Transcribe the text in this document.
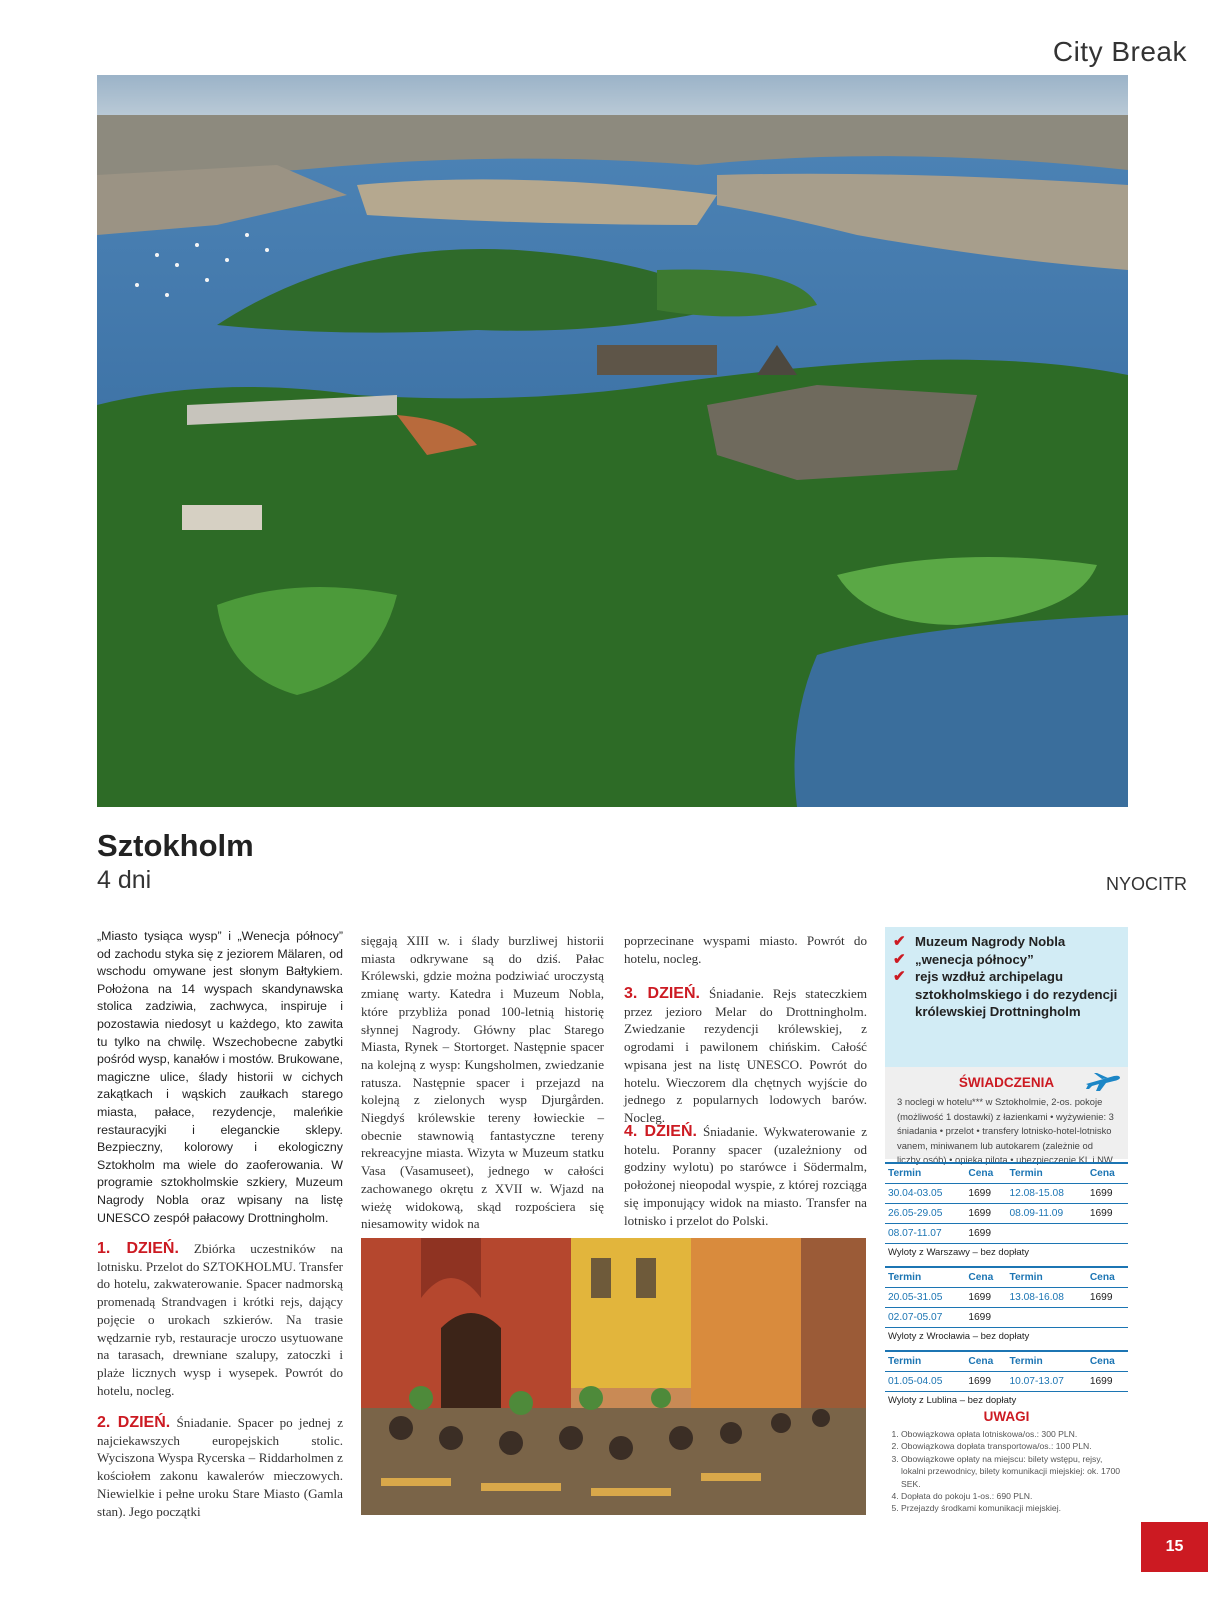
City Break
Sztokholm
4 dni	NYOCITR
„Miasto tysiąca wysp” i „Wenecja północy” od zachodu styka się z jeziorem Mälaren, od wschodu omywane jest słonym Bałtykiem. Położona na 14 wyspach skandynawska stolica zadziwia, zachwyca, inspiruje i pozostawia niedosyt u każdego, kto zawita tu tylko na chwilę. Wszechobecne zabytki pośród wysp, kanałów i mostów. Brukowane, magiczne ulice, ślady historii w cichych zakątkach i wąskich zaułkach starego miasta, pałace, rezydencje, maleńkie restauracyjki i eleganckie sklepy. Bezpieczny, kolorowy i ekologiczny Sztokholm ma wiele do zaoferowania. W programie sztokholmskie szkiery, Muzeum Nagrody Nobla oraz wpisany na listę UNESCO zespół pałacowy Drottningholm.
1. DZIEŃ. Zbiórka uczestników na lotnisku. Przelot do SZTOKHOLMU. Transfer do hotelu, zakwaterowanie. Spacer nadmorską promenadą Strandvagen i krótki rejs, dający pojęcie o urokach szkierów. Na trasie wędzarnie ryb, restauracje uroczo usytuowane na tarasach, drewniane szalupy, zatoczki i plaże licznych wysp i wysepek. Powrót do hotelu, nocleg.
2. DZIEŃ. Śniadanie. Spacer po jednej z najciekawszych europejskich stolic. Wyciszona Wyspa Rycerska – Riddarholmen z kościołem zakonu kawalerów mieczowych. Niewielkie i pełne uroku Stare Miasto (Gamla stan). Jego początki
sięgają XIII w. i ślady burzliwej historii miasta odkrywane są do dziś. Pałac Królewski, gdzie można podziwiać uroczystą zmianę warty. Katedra i Muzeum Nobla, które przybliża ponad 100-letnią historię słynnej Nagrody. Główny plac Starego Miasta, Rynek – Stortorget. Następnie spacer na kolejną z wysp: Kungsholmen, zwiedzanie ratusza. Następnie spacer i przejazd na kolejną z zielonych wysp Djurgården. Niegdyś królewskie tereny łowieckie – obecnie stawnowią fantastyczne tereny rekreacyjne miasta. Wizyta w Muzeum statku Vasa (Vasamuseet), jednego w całości zachowanego okrętu z XVII w. Wjazd na wieżę widokową, skąd rozpościera się niesamowity widok na
poprzecinane wyspami miasto. Powrót do hotelu, nocleg.
3. DZIEŃ. Śniadanie. Rejs stateczkiem przez jezioro Melar do Drottningholm. Zwiedzanie rezydencji królewskiej, z ogrodami i pawilonem chińskim. Całość wpisana jest na listę UNESCO. Powrót do hotelu. Wieczorem dla chętnych wyjście do jednego z popularnych lodowych barów. Nocleg.
4. DZIEŃ. Śniadanie. Wykwaterowanie z hotelu. Poranny spacer (uzależniony od godziny wylotu) po starówce i Södermalm, położonej nieopodal wyspie, z której rozciąga się imponujący widok na miasto. Transfer na lotnisko i przelot do Polski.
✔ Muzeum Nagrody Nobla
✔ „wenecja północy”
✔ rejs wzdłuż archipelagu sztokholmskiego i do rezydencji królewskiej Drottningholm
ŚWIADCZENIA
3 noclegi w hotelu*** w Sztokholmie, 2-os. pokoje (możliwość 1 dostawki) z łazienkami • wyżywienie: 3 śniadania • przelot • transfery lotnisko-hotel-lotnisko vanem, miniwanem lub autokarem (zależnie od liczby osób) • opieka pilota • ubezpieczenie KL i NW
Termin	Cena	Termin	Cena
30.04-03.05	1699	12.08-15.08	1699
26.05-29.05	1699	08.09-11.09	1699
08.07-11.07	1699		
Wyloty z Warszawy – bez dopłaty			
Termin	Cena	Termin	Cena
20.05-31.05	1699	13.08-16.08	1699
02.07-05.07	1699		
Wyloty z Wrocławia – bez dopłaty			
Termin	Cena	Termin	Cena
01.05-04.05	1699	10.07-13.07	1699
Wyloty z Lublina – bez dopłaty			
UWAGI
1. Obowiązkowa opłata lotniskowa/os.: 300 PLN.
2. Obowiązkowa dopłata transportowa/os.: 100 PLN.
3. Obowiązkowe opłaty na miejscu: bilety wstępu, rejsy, lokalni przewodnicy, bilety komunikacji miejskiej: ok. 1700 SEK.
4. Dopłata do pokoju 1-os.: 690 PLN.
5. Przejazdy środkami komunikacji miejskiej.
15
